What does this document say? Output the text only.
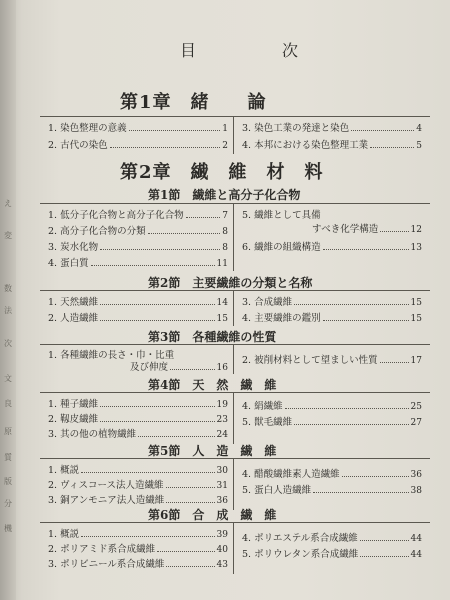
え
変
数
法
次
文
良
原
質
版
分
機
目	次
第1章　緒　　論
1. 染色整理の意義	1
2. 古代の染色	2
3. 染色工業の発達と染色	4
4. 本邦における染色整理工業	5
第2章　繊　維　材　料
第1節　繊維と高分子化合物
1. 低分子化合物と高分子化合物	7
2. 高分子化合物の分類	8
3. 炭水化物	8
4. 蛋白質	11
5. 繊維として具備
すべき化学構造	12
6. 繊維の組織構造	13
第2節　主要繊維の分類と名称
1. 天然繊維	14
2. 人造繊維	15
3. 合成繊維	15
4. 主要繊維の鑑別	15
第3節　各種繊維の性質
1. 各種繊維の長さ・巾・比重
及び伸度	16
2. 被削材料として望ましい性質	17
第4節　天　然　繊　維
1. 種子繊維	19
2. 靱皮繊維	23
3. 其の他の植物繊維	24
4. 絹繊維	25
5. 獣毛繊維	27
第5節　人　造　繊　維
1. 概説	30
2. ヴィスコース法人造繊維	31
3. 銅アンモニア法人造繊維	36
4. 醋酸繊維素人造繊維	36
5. 蛋白人造繊維	38
第6節　合　成　繊　維
1. 概説	39
2. ポリアミド系合成繊維	40
3. ポリビニール系合成繊維	43
4. ポリエステル系合成繊維	44
5. ポリウレタン系合成繊維	44
